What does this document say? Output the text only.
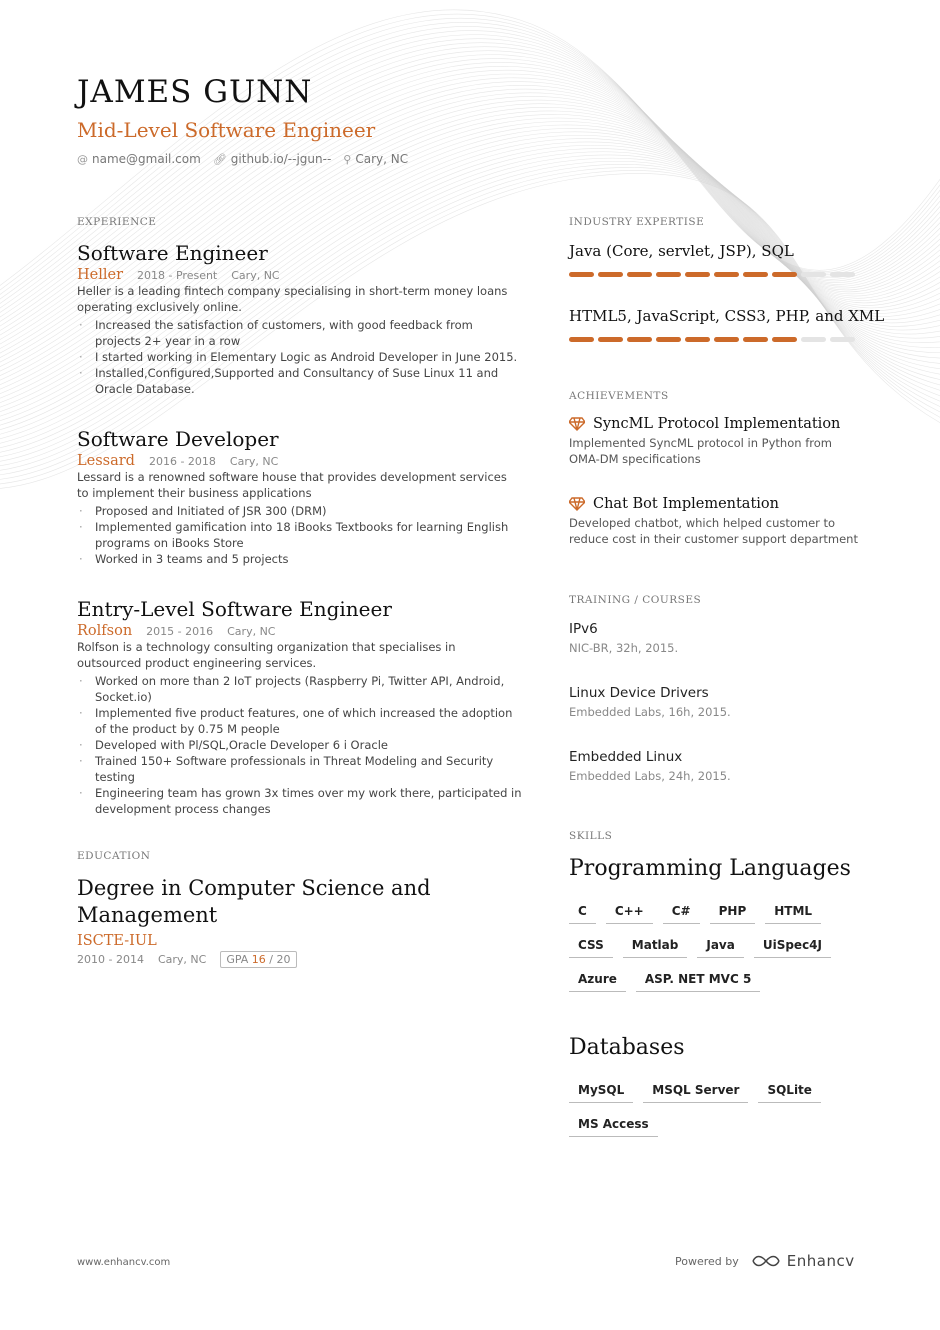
JAMES GUNN
Mid-Level Software Engineer
@ name@gmail.com 🔗︎ github.io/--jgun-- ⚲ Cary, NC
EXPERIENCE
Software Engineer
Heller 2018 - Present Cary, NC
Heller is a leading fintech company specialising in short-term money loans operating exclusively online.
· Increased the satisfaction of customers, with good feedback from projects 2+ year in a row
· I started working in Elementary Logic as Android Developer in June 2015.
· Installed,Configured,Supported and Consultancy of Suse Linux 11 and Oracle Database.
Software Developer
Lessard 2016 - 2018 Cary, NC
Lessard is a renowned software house that provides development services to implement their business applications
· Proposed and Initiated of JSR 300 (DRM)
· Implemented gamification into 18 iBooks Textbooks for learning English programs on iBooks Store
· Worked in 3 teams and 5 projects
Entry-Level Software Engineer
Rolfson 2015 - 2016 Cary, NC
Rolfson is a technology consulting organization that specialises in outsourced product engineering services.
· Worked on more than 2 IoT projects (Raspberry Pi, Twitter API, Android, Socket.io)
· Implemented five product features, one of which increased the adoption of the product by 0.75 M people
· Developed with Pl/SQL,Oracle Developer 6 i Oracle
· Trained 150+ Software professionals in Threat Modeling and Security testing
· Engineering team has grown 3x times over my work there, participated in development process changes
EDUCATION
Degree in Computer Science and Management
ISCTE-IUL
2010 - 2014 Cary, NC	GPA 16 / 20
INDUSTRY EXPERTISE
Java (Core, servlet, JSP), SQL
HTML5, JavaScript, CSS3, PHP, and XML
ACHIEVEMENTS
SyncML Protocol Implementation
Implemented SyncML protocol in Python from OMA-DM specifications
Chat Bot Implementation
Developed chatbot, which helped customer to reduce cost in their customer support department
TRAINING / COURSES
IPv6
NIC-BR, 32h, 2015.
Linux Device Drivers
Embedded Labs, 16h, 2015.
Embedded Linux
Embedded Labs, 24h, 2015.
SKILLS
Programming Languages
C	C++	C#	PHP	HTML
CSS	Matlab	Java	UiSpec4J
Azure	ASP. NET MVC 5
Databases
MySQL	MSQL Server	SQLite
MS Access
www.enhancv.com	Powered by	Enhancv
